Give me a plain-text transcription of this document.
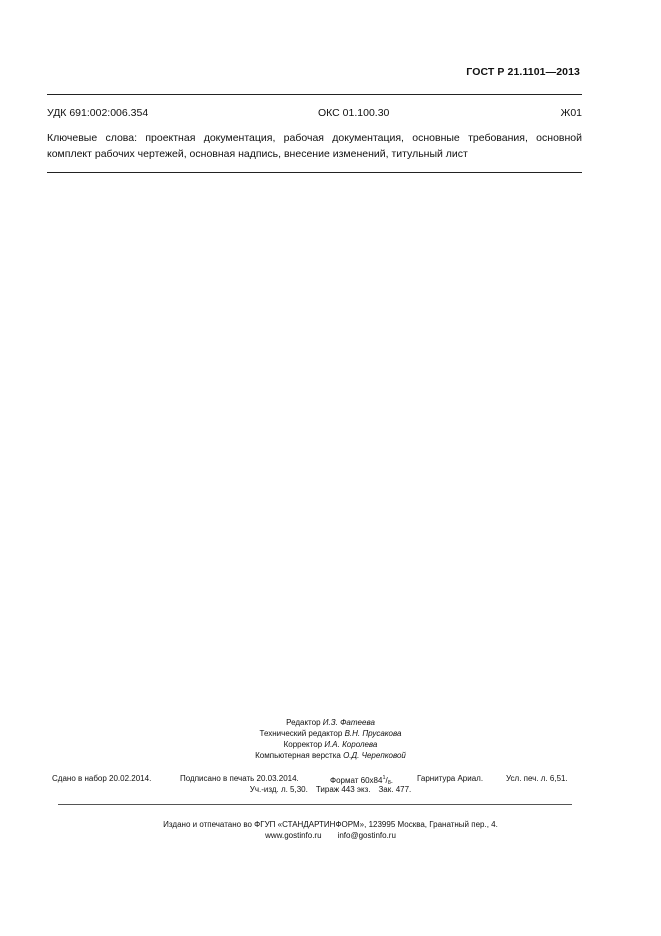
ГОСТ Р 21.1101—2013
УДК 691:002:006.354	ОКС 01.100.30	Ж01
Ключевые слова: проектная документация, рабочая документация, основные требования, основной комплект рабочих чертежей, основная надпись, внесение изменений, титульный лист
Редактор И.З. Фатеева
Технический редактор В.Н. Прусакова
Корректор И.А. Королева
Компьютерная верстка О.Д. Черепковой
Сдано в набор 20.02.2014.	Подписано в печать 20.03.2014.	Формат $60x84^1/_8$.	Гарнитура Ариал.	Усл. печ. л. 6,51.
Уч.-изд. л. 5,30. Тираж 443 экз. Зак. 477.
Издано и отпечатано во ФГУП «СТАНДАРТИНФОРМ», 123995 Москва, Гранатный пер., 4.
www.gostinfo.ru info@gostinfo.ru
